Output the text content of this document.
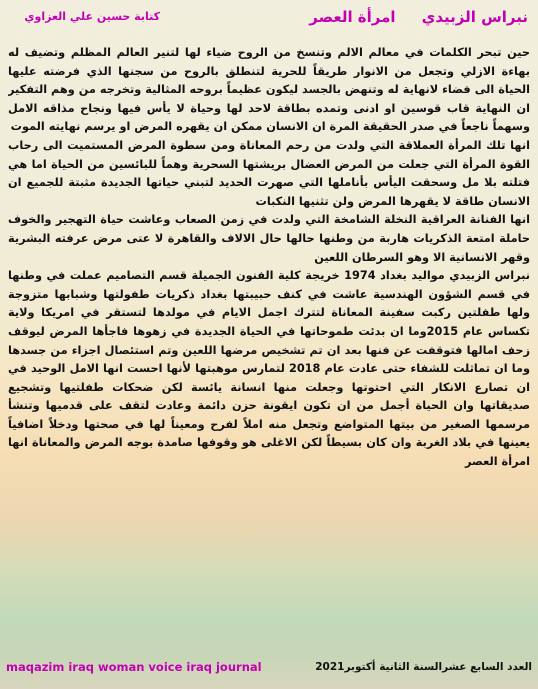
كتابة حسين علي العزاوي	نبراس الزبيديامرأة العصر

حين تبحر الكلمات في معالم الالم وتنسخ من الروح ضياء لها لتنير العالم المظلم وتضيف له بهاءة الازلي وتجعل من الانوار طريقاً للحرية لتنطلق بالروح من سجنها الذي فرضته عليها الحياة الى فضاء لانهاية له وتنهض بالجسد ليكون عظيماً بروحه المثالية وتخرجه من وهم التفكير ان النهاية قاب قوسين او ادنى وتمده بطاقة لاحد لها وحياة لا يأس فيها ونجاح مذاقه الامل وسهماً ناجعاً في صدر الحقيقة المرة ان الانسان ممكن ان يقهره المرض او يرسم نهايته الموت

انها تلك المرأة العملاقة التي ولدت من رحم المعاناة ومن سطوة المرض المستميت الى رحاب القوة المرأة التي جعلت من المرض العضال بريشتها السحرية وهماً للبائسين من الحياة اما هي فتلته بلا مل وسحقت اليأس بأناملها التي صهرت الحديد لتبني حياتها الجديدة مثبتة للجميع ان الانسان طاقة لا يقهرها المرض ولن تثنيها النكبات

انها الفنانة العراقية النخلة الشامخة التي ولدت في زمن الصعاب وعاشت حياة التهجير والخوف حاملة امتعة الذكريات هاربة من وطنها حالها حال الالاف والقاهرة لا عتى مرض عرفته البشرية وقهر الانسانية الا وهو السرطان اللعين

نبراس الزبيدي مواليد بغداد 1974 خريجة كلية الفنون الجميلة قسم التصاميم عملت في وطنها في قسم الشؤون الهندسية عاشت في كنف حبيبتها بغداد ذكريات طفولتها وشبابها متزوجة ولها طفلتين ركبت سفينة المعاناة لتترك اجمل الايام في مولدها لتستقر في امريكا ولاية تكساس عام 2015وما ان بدئت طموحاتها في الحياة الجديدة في زهوها فاجأها المرض ليوقف زحف امالها فتوقفت عن فنها بعد ان تم تشخيص مرضها اللعين وتم استئصال اجزاء من جسدها وما ان تماثلت للشفاء حتى عادت عام 2018 لتمارس موهبتها لأنها احست انها الامل الوحيد في ان تصارع الانكار التي احتوتها وجعلت منها انسانة يائسة لكن ضحكات طفلتيها وتشجيع صديقاتها وان الحياة أجمل من ان تكون ايقونة حزن دائمة وعادت لتقف على قدميها وتنشأ مرسمها الصغير من بيتها المتواضع وتجعل منه املاً لفرح ومعيناً لها في صحتها ودخلاً اضافياً يعينها في بلاد الغربة وان كان بسيطاً لكن الاغلى هو وقوفها صامدة بوجه المرض والمعاناة انها امرأة العصر

maqazim iraq woman voice iraq journal	العدد السابع عشرالسنة الثانية أكتوبر2021
